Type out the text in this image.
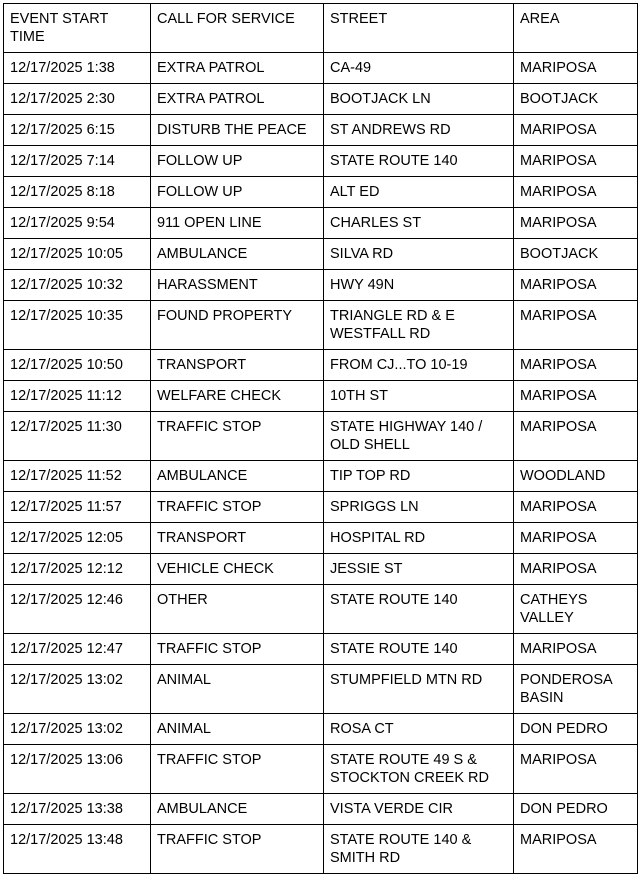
EVENT START TIME	CALL FOR SERVICE	STREET	AREA
12/17/2025 1:38	EXTRA PATROL	CA-49	MARIPOSA
12/17/2025 2:30	EXTRA PATROL	BOOTJACK LN	BOOTJACK
12/17/2025 6:15	DISTURB THE PEACE	ST ANDREWS RD	MARIPOSA
12/17/2025 7:14	FOLLOW UP	STATE ROUTE 140	MARIPOSA
12/17/2025 8:18	FOLLOW UP	ALT ED	MARIPOSA
12/17/2025 9:54	911 OPEN LINE	CHARLES ST	MARIPOSA
12/17/2025 10:05	AMBULANCE	SILVA RD	BOOTJACK
12/17/2025 10:32	HARASSMENT	HWY 49N	MARIPOSA
12/17/2025 10:35	FOUND PROPERTY	TRIANGLE RD & E WESTFALL RD	MARIPOSA
12/17/2025 10:50	TRANSPORT	FROM CJ...TO 10-19	MARIPOSA
12/17/2025 11:12	WELFARE CHECK	10TH ST	MARIPOSA
12/17/2025 11:30	TRAFFIC STOP	STATE HIGHWAY 140 / OLD SHELL	MARIPOSA
12/17/2025 11:52	AMBULANCE	TIP TOP RD	WOODLAND
12/17/2025 11:57	TRAFFIC STOP	SPRIGGS LN	MARIPOSA
12/17/2025 12:05	TRANSPORT	HOSPITAL RD	MARIPOSA
12/17/2025 12:12	VEHICLE CHECK	JESSIE ST	MARIPOSA
12/17/2025 12:46	OTHER	STATE ROUTE 140	CATHEYS VALLEY
12/17/2025 12:47	TRAFFIC STOP	STATE ROUTE 140	MARIPOSA
12/17/2025 13:02	ANIMAL	STUMPFIELD MTN RD	PONDEROSA BASIN
12/17/2025 13:02	ANIMAL	ROSA CT	DON PEDRO
12/17/2025 13:06	TRAFFIC STOP	STATE ROUTE 49 S & STOCKTON CREEK RD	MARIPOSA
12/17/2025 13:38	AMBULANCE	VISTA VERDE CIR	DON PEDRO
12/17/2025 13:48	TRAFFIC STOP	STATE ROUTE 140 & SMITH RD	MARIPOSA
